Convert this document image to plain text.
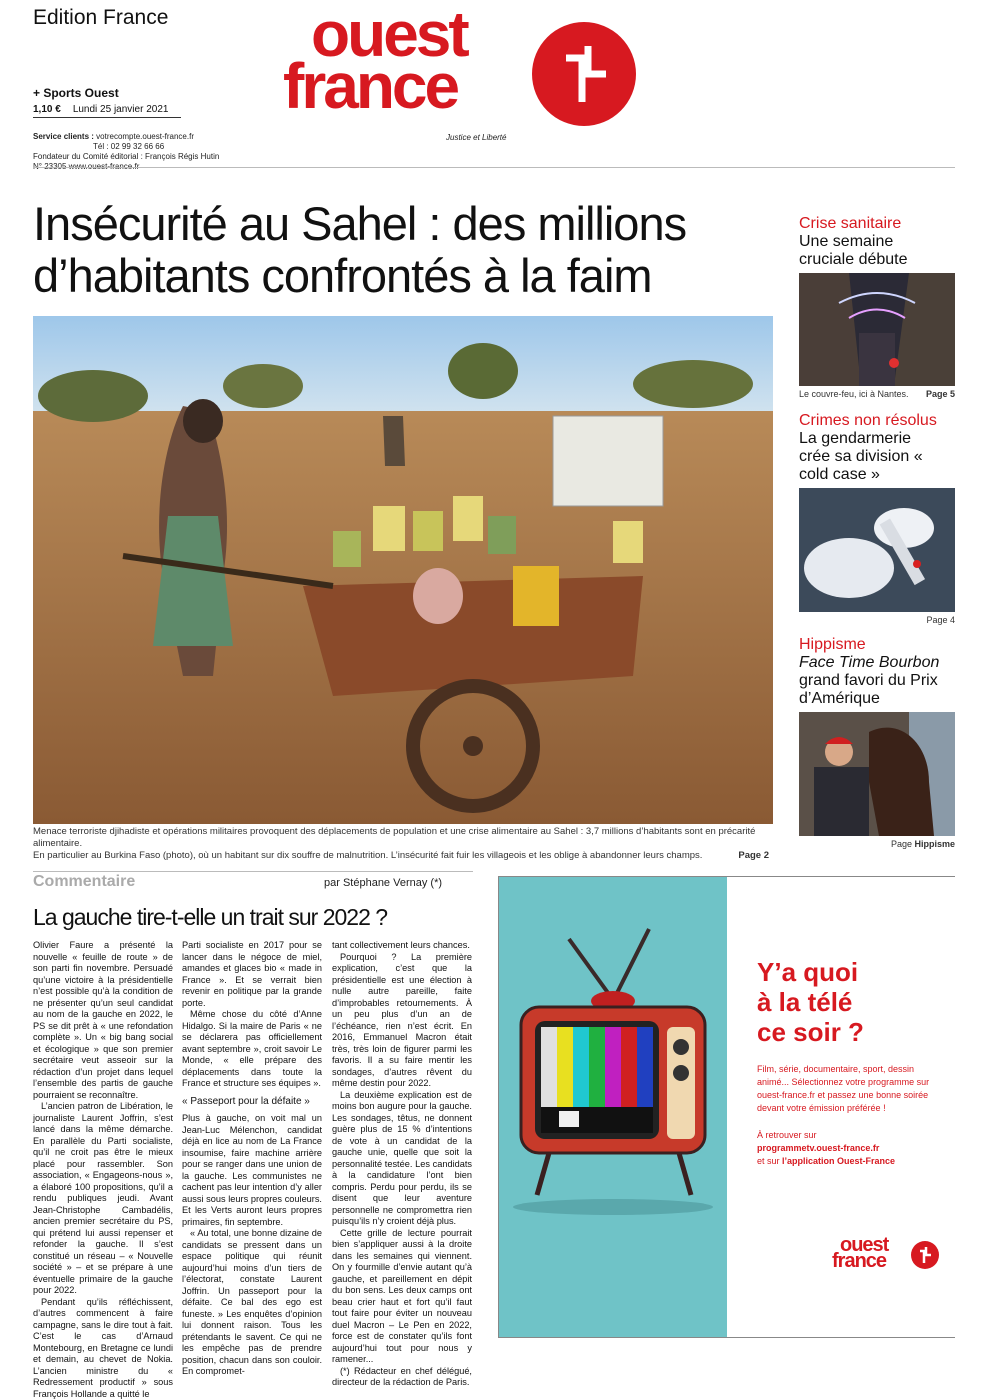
Edition France
+ Sports Ouest
1,10 € Lundi 25 janvier 2021
Service clients : votrecompte.ouest-france.fr
Tél : 02 99 32 66 66
Fondateur du Comité éditorial : François Régis Hutin
ouest
france
Justice et Liberté
Insécurité au Sahel : des millions
d’habitants confrontés à la faim
Menace terroriste djihadiste et opérations militaires provoquent des déplacements de population et une crise alimentaire au Sahel : 3,7 millions d’habitants sont en précarité alimentaire.
En particulier au Burkina Faso (photo), où un habitant sur dix souffre de malnutrition. L’insécurité fait fuir les villageois et les oblige à abandonner leurs champs.	Page 2
Crise sanitaire
Une semaine cruciale débute
Le couvre-feu, ici à Nantes. Page 5
Crimes non résolus
La gendarmerie crée sa division « cold case »
Page 4
Hippisme
Face Time Bourbon
grand favori du Prix d’Amérique
Page Hippisme
Commentaire	par Stéphane Vernay (*)
La gauche tire-t-elle un trait sur 2022 ?

Olivier Faure a présenté la nouvelle « feuille de route » de son parti fin novembre. Persuadé qu’une victoire à la présidentielle n’est possible qu’à la condition de ne présenter qu’un seul candidat au nom de la gauche en 2022, le PS se dit prêt à « une refondation complète ». Un « big bang social et écologique » que son premier secrétaire veut asseoir sur la rédaction d’un projet dans lequel l’ensemble des partis de gauche pourraient se reconnaître.

L’ancien patron de Libération, le journaliste Laurent Joffrin, s’est lancé dans la même démarche. En parallèle du Parti socialiste, qu’il ne croit pas être le mieux placé pour rassembler. Son association, « Engageons-nous », a élaboré 100 propositions, qu’il a rendu publiques jeudi. Avant Jean-Christophe Cambadélis, ancien premier secrétaire du PS, qui prétend lui aussi repenser et refonder la gauche. Il s’est constitué un réseau – « Nouvelle société » – et se prépare à une éventuelle primaire de la gauche pour 2022.

Pendant qu’ils réfléchissent, d’autres commencent à faire campagne, sans le dire tout à fait. C’est le cas d’Arnaud Montebourg, en Bretagne ce lundi et demain, au chevet de Nokia. L’ancien ministre du « Redressement productif » sous François Hollande a quitté le

Parti socialiste en 2017 pour se lancer dans le négoce de miel, amandes et glaces bio « made in France ». Et se verrait bien revenir en politique par la grande porte.

Même chose du côté d’Anne Hidalgo. Si la maire de Paris « ne se déclarera pas officiellement avant septembre », croit savoir Le Monde, « elle prépare des déplacements dans toute la France et structure ses équipes ».

« Passeport pour la défaite »

Plus à gauche, on voit mal un Jean-Luc Mélenchon, candidat déjà en lice au nom de La France insoumise, faire machine arrière pour se ranger dans une union de la gauche. Les communistes ne cachent pas leur intention d’y aller aussi sous leurs propres couleurs. Et les Verts auront leurs propres primaires, fin septembre.

« Au total, une bonne dizaine de candidats se pressent dans un espace politique qui réunit aujourd’hui moins d’un tiers de l’électorat, constate Laurent Joffrin. Un passeport pour la défaite. Ce bal des ego est funeste. » Les enquêtes d’opinion lui donnent raison. Tous les prétendants le savent. Ce qui ne les empêche pas de prendre position, chacun dans son couloir. En compromet-

tant collectivement leurs chances.

Pourquoi ? La première explication, c’est que la présidentielle est une élection à nulle autre pareille, faite d’improbables retournements. À un peu plus d’un an de l’échéance, rien n’est écrit. En 2016, Emmanuel Macron était très, très loin de figurer parmi les favoris. Il a su faire mentir les sondages, d’autres rêvent du même destin pour 2022.

La deuxième explication est de moins bon augure pour la gauche. Les sondages, têtus, ne donnent guère plus de 15 % d’intentions de vote à un candidat de la gauche unie, quelle que soit la personnalité testée. Les candidats à la candidature l’ont bien compris. Perdu pour perdu, ils se disent que leur aventure personnelle ne compromettra rien puisqu’ils n’y croient déjà plus.

Cette grille de lecture pourrait bien s’appliquer aussi à la droite dans les semaines qui viennent. On y fourmille d’envie autant qu’à gauche, et pareillement en dépit du bon sens. Les deux camps ont beau crier haut et fort qu’il faut tout faire pour éviter un nouveau duel Macron – Le Pen en 2022, force est de constater qu’ils font aujourd’hui tout pour nous y ramener...

(*) Rédacteur en chef délégué, directeur de la rédaction de Paris.

Y’a quoi
à la télé
ce soir ?
Film, série, documentaire, sport, dessin animé... Sélectionnez votre programme sur ouest-france.fr et passez une bonne soirée devant votre émission préférée !
À retrouver sur
programmetv.ouest-france.fr
et sur l’application Ouest-France
ouest
france
